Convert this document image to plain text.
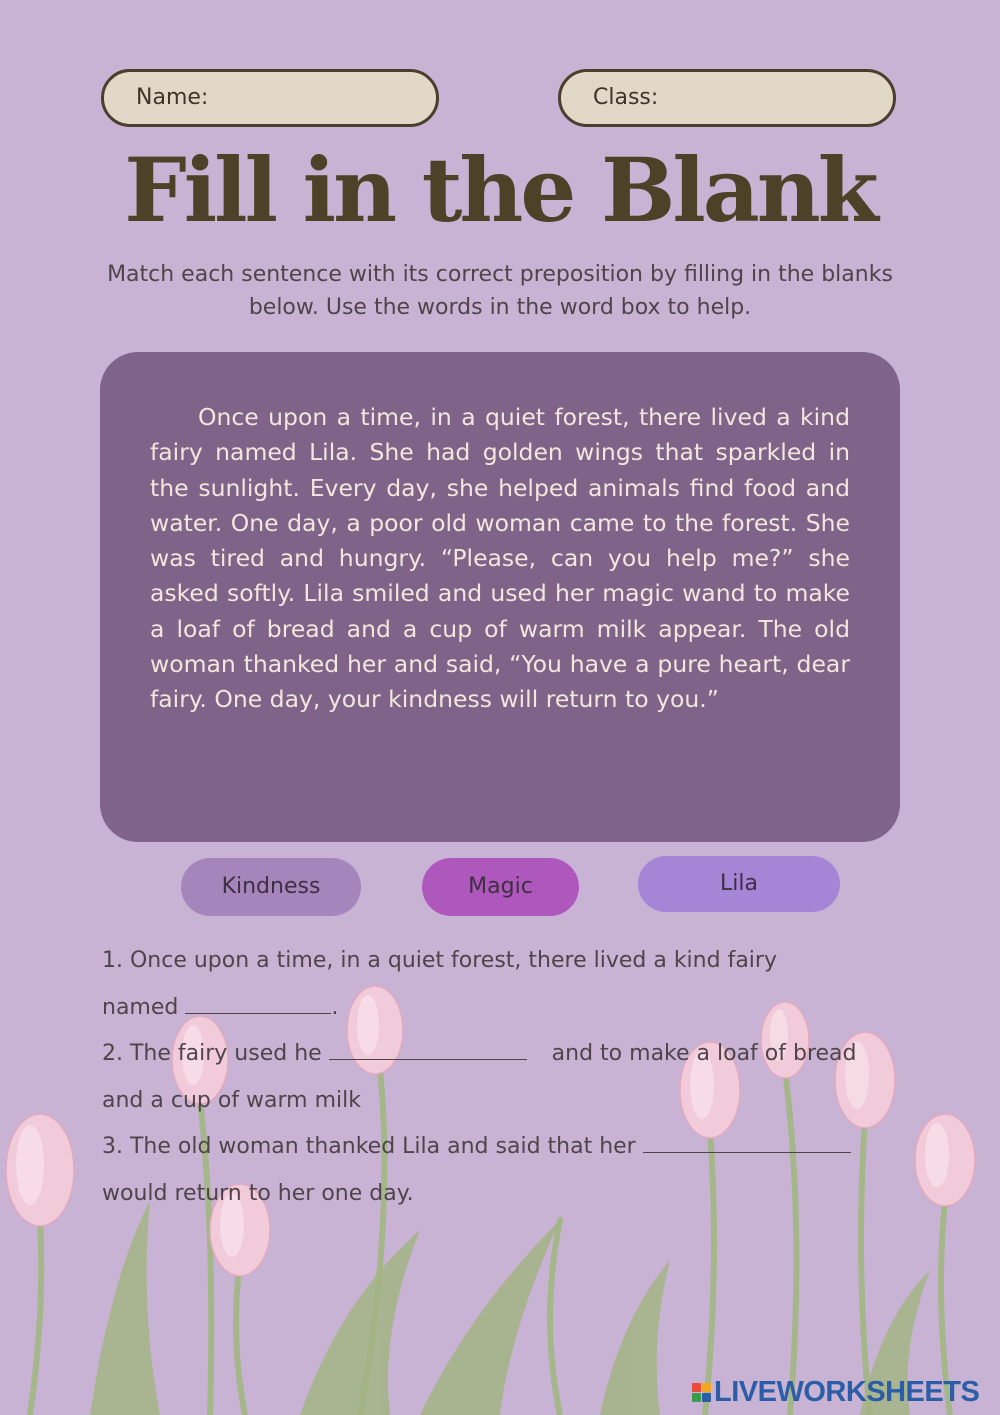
Name:	Class:
Fill in the Blank
Match each sentence with its correct preposition by filling in the blanks below. Use the words in the word box to help.

Once upon a time, in a quiet forest, there lived a kind fairy named Lila. She had golden wings that sparkled in the sunlight. Every day, she helped animals find food and water. One day, a poor old woman came to the forest. She was tired and hungry. “Please, can you help me?” she asked softly. Lila smiled and used her magic wand to make a loaf of bread and a cup of warm milk appear. The old woman thanked her and said, “You have a pure heart, dear fairy. One day, your kindness will return to you.”

Kindness	Magic	Lila
1. Once upon a time, in a quiet forest, there lived a kind fairy
named	.
2. The fairy used he	and to make a loaf of bread
and a cup of warm milk
3. The old woman thanked Lila and said that her
would return to her one day.
LIVEWORKSHEETS
